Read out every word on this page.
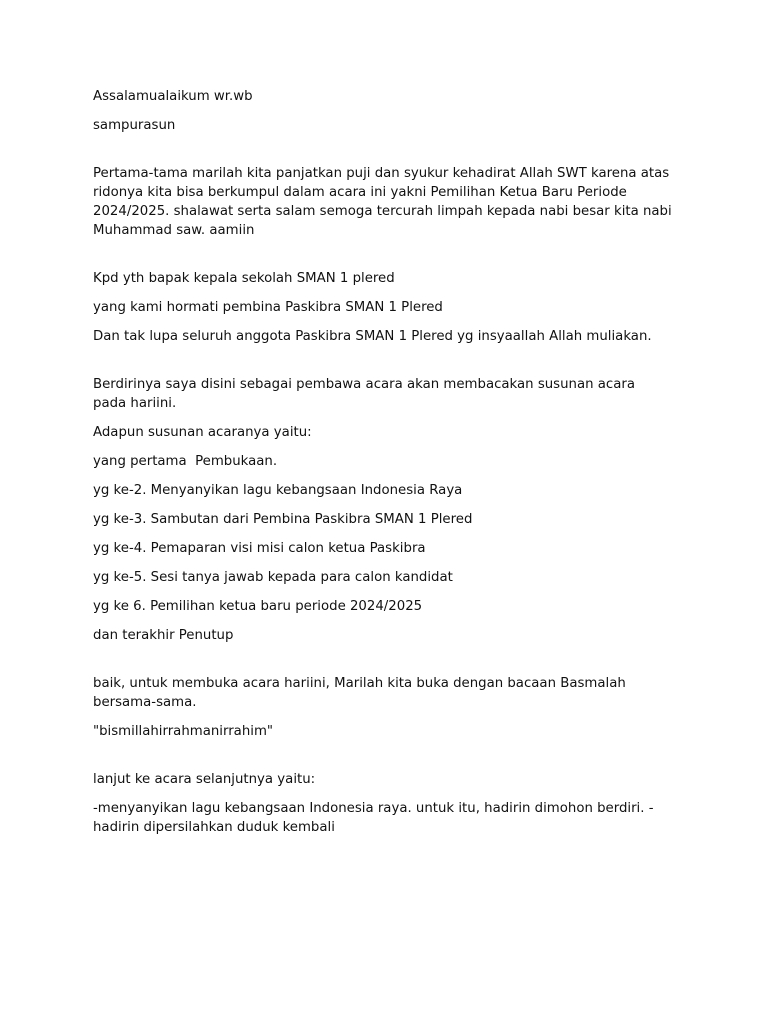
Assalamualaikum wr.wb

sampurasun

Pertama-tama marilah kita panjatkan puji dan syukur kehadirat Allah SWT karena atas ridonya kita bisa berkumpul dalam acara ini yakni Pemilihan Ketua Baru Periode 2024/2025. shalawat serta salam semoga tercurah limpah kepada nabi besar kita nabi Muhammad saw. aamiin

Kpd yth bapak kepala sekolah SMAN 1 plered

yang kami hormati pembina Paskibra SMAN 1 Plered

Dan tak lupa seluruh anggota Paskibra SMAN 1 Plered yg insyaallah Allah muliakan.

Berdirinya saya disini sebagai pembawa acara akan membacakan susunan acara pada hariini.

Adapun susunan acaranya yaitu:

yang pertama  Pembukaan.

yg ke-2. Menyanyikan lagu kebangsaan Indonesia Raya

yg ke-3. Sambutan dari Pembina Paskibra SMAN 1 Plered

yg ke-4. Pemaparan visi misi calon ketua Paskibra

yg ke-5. Sesi tanya jawab kepada para calon kandidat

yg ke 6. Pemilihan ketua baru periode 2024/2025

dan terakhir Penutup

baik, untuk membuka acara hariini, Marilah kita buka dengan bacaan Basmalah bersama-sama.

"bismillahirrahmanirrahim"

lanjut ke acara selanjutnya yaitu:

-menyanyikan lagu kebangsaan Indonesia raya. untuk itu, hadirin dimohon berdiri. - hadirin dipersilahkan duduk kembali
